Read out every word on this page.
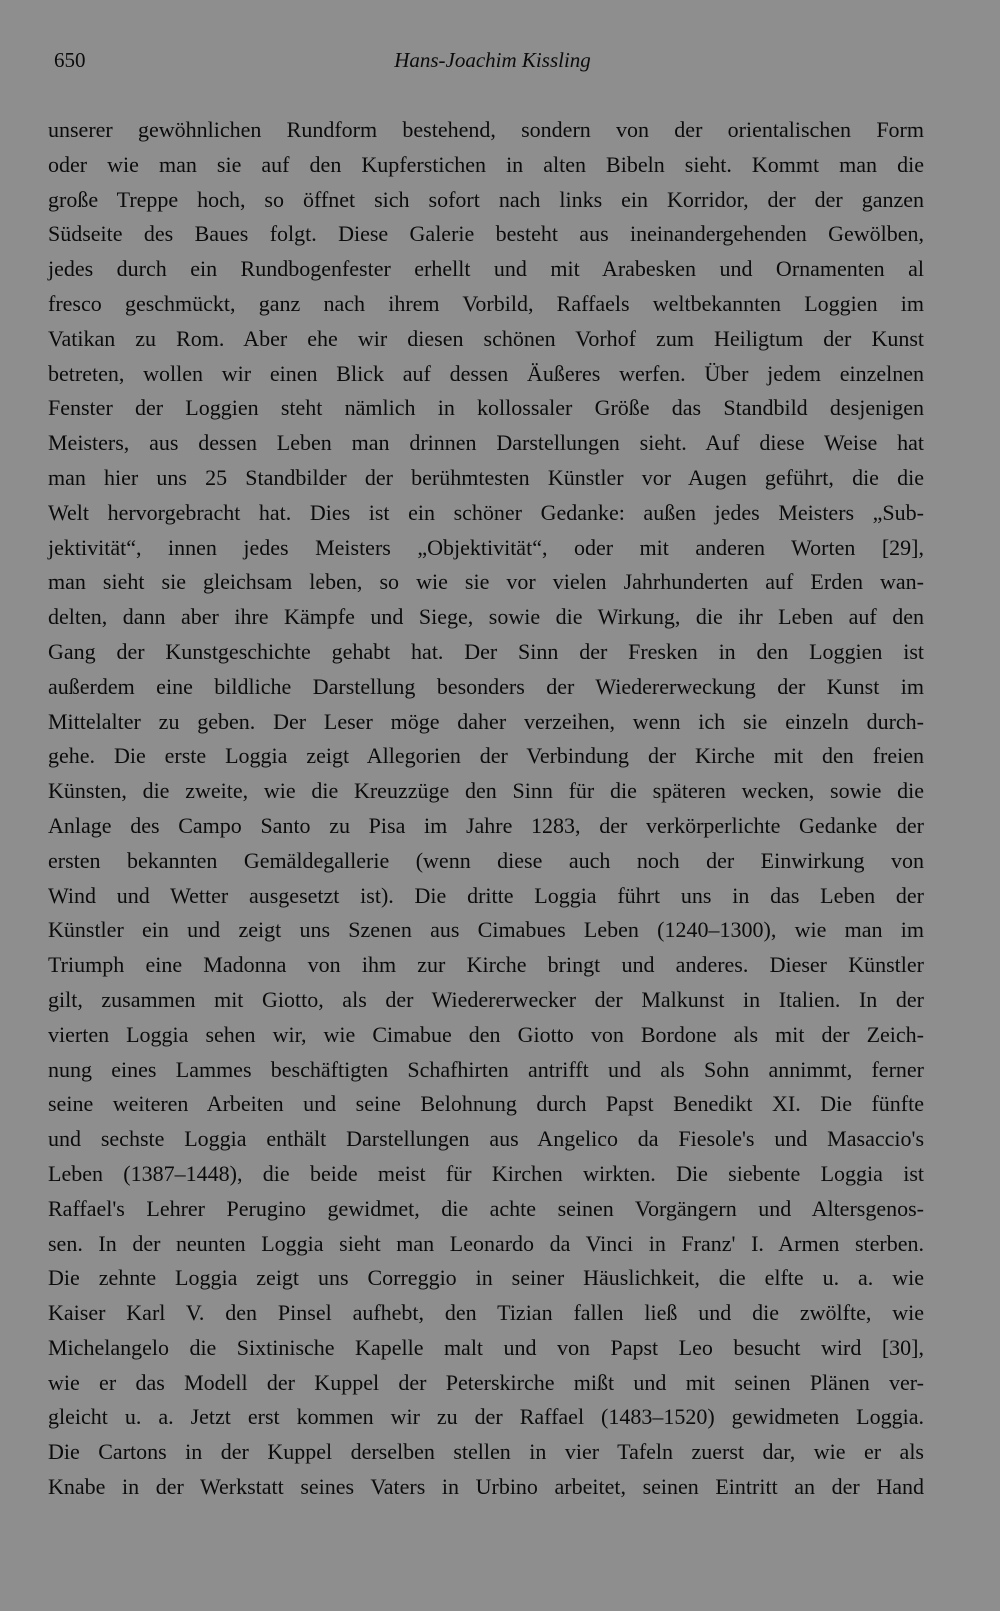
650	Hans-Joachim Kissling
unserer gewöhnlichen Rundform bestehend, sondern von der orientalischen Form
oder wie man sie auf den Kupferstichen in alten Bibeln sieht. Kommt man die
große Treppe hoch, so öffnet sich sofort nach links ein Korridor, der der ganzen
Südseite des Baues folgt. Diese Galerie besteht aus ineinandergehenden Gewölben,
jedes durch ein Rundbogenfester erhellt und mit Arabesken und Ornamenten al
fresco geschmückt, ganz nach ihrem Vorbild, Raffaels weltbekannten Loggien im
Vatikan zu Rom. Aber ehe wir diesen schönen Vorhof zum Heiligtum der Kunst
betreten, wollen wir einen Blick auf dessen Äußeres werfen. Über jedem einzelnen
Fenster der Loggien steht nämlich in kollossaler Größe das Standbild desjenigen
Meisters, aus dessen Leben man drinnen Darstellungen sieht. Auf diese Weise hat
man hier uns 25 Standbilder der berühmtesten Künstler vor Augen geführt, die die
Welt hervorgebracht hat. Dies ist ein schöner Gedanke: außen jedes Meisters „Sub-
jektivität“, innen jedes Meisters „Objektivität“, oder mit anderen Worten [29],
man sieht sie gleichsam leben, so wie sie vor vielen Jahrhunderten auf Erden wan-
delten, dann aber ihre Kämpfe und Siege, sowie die Wirkung, die ihr Leben auf den
Gang der Kunstgeschichte gehabt hat. Der Sinn der Fresken in den Loggien ist
außerdem eine bildliche Darstellung besonders der Wiedererweckung der Kunst im
Mittelalter zu geben. Der Leser möge daher verzeihen, wenn ich sie einzeln durch-
gehe. Die erste Loggia zeigt Allegorien der Verbindung der Kirche mit den freien
Künsten, die zweite, wie die Kreuzzüge den Sinn für die späteren wecken, sowie die
Anlage des Campo Santo zu Pisa im Jahre 1283, der verkörperlichte Gedanke der
ersten bekannten Gemäldegallerie (wenn diese auch noch der Einwirkung von
Wind und Wetter ausgesetzt ist). Die dritte Loggia führt uns in das Leben der
Künstler ein und zeigt uns Szenen aus Cimabues Leben (1240–1300), wie man im
Triumph eine Madonna von ihm zur Kirche bringt und anderes. Dieser Künstler
gilt, zusammen mit Giotto, als der Wiedererwecker der Malkunst in Italien. In der
vierten Loggia sehen wir, wie Cimabue den Giotto von Bordone als mit der Zeich-
nung eines Lammes beschäftigten Schafhirten antrifft und als Sohn annimmt, ferner
seine weiteren Arbeiten und seine Belohnung durch Papst Benedikt XI. Die fünfte
und sechste Loggia enthält Darstellungen aus Angelico da Fiesole's und Masaccio's
Leben (1387–1448), die beide meist für Kirchen wirkten. Die siebente Loggia ist
Raffael's Lehrer Perugino gewidmet, die achte seinen Vorgängern und Altersgenos-
sen. In der neunten Loggia sieht man Leonardo da Vinci in Franz' I. Armen sterben.
Die zehnte Loggia zeigt uns Correggio in seiner Häuslichkeit, die elfte u. a. wie
Kaiser Karl V. den Pinsel aufhebt, den Tizian fallen ließ und die zwölfte, wie
Michelangelo die Sixtinische Kapelle malt und von Papst Leo besucht wird [30],
wie er das Modell der Kuppel der Peterskirche mißt und mit seinen Plänen ver-
gleicht u. a. Jetzt erst kommen wir zu der Raffael (1483–1520) gewidmeten Loggia.
Die Cartons in der Kuppel derselben stellen in vier Tafeln zuerst dar, wie er als
Knabe in der Werkstatt seines Vaters in Urbino arbeitet, seinen Eintritt an der Hand
